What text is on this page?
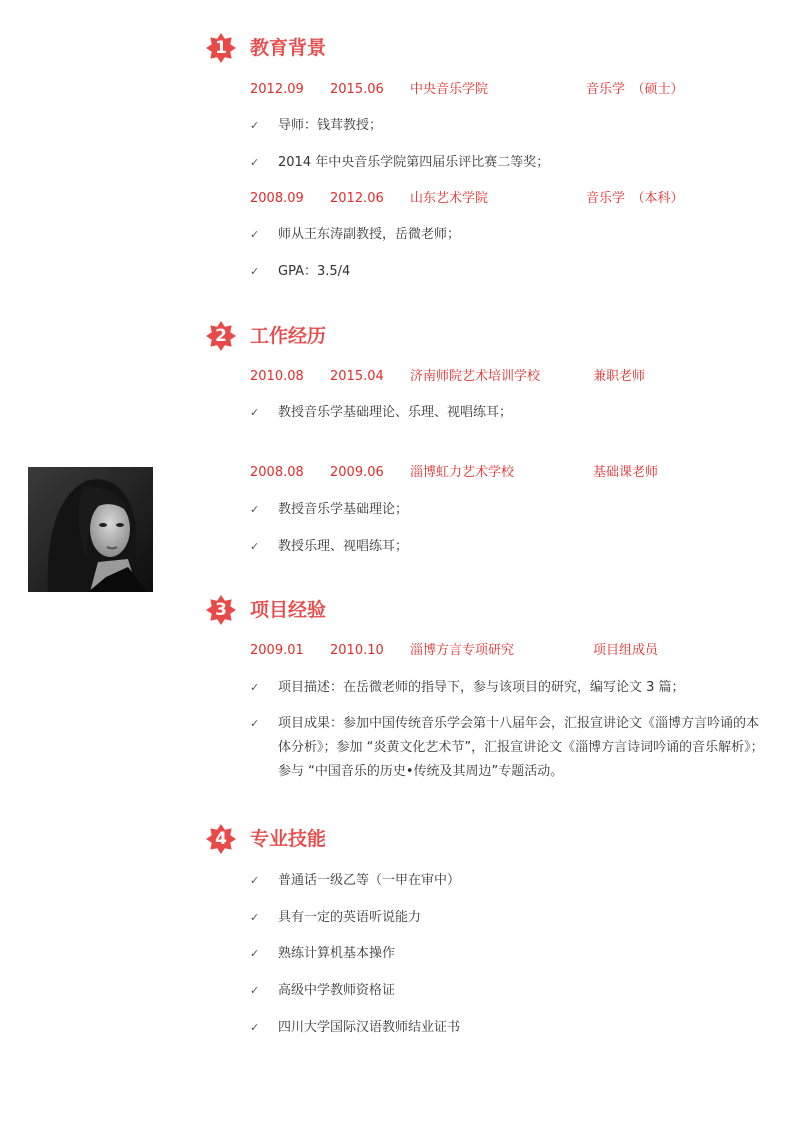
1	教育背景
2012.09 2015.06 中央音乐学院	音乐学　（硕士）
✓ 导师：钱茸教授；
✓ 2014 年中央音乐学院第四届乐评比赛二等奖；
2008.09 2012.06 山东艺术学院	音乐学　（本科）
✓ 师从王东涛副教授，岳微老师；
✓ GPA：3.5/4
2	工作经历
2010.08 2015.04 济南师院艺术培训学校	兼职老师
✓ 教授音乐学基础理论、乐理、视唱练耳；
2008.08 2009.06 淄博虹力艺术学校	基础课老师
✓ 教授音乐学基础理论；
✓ 教授乐理、视唱练耳；
3	项目经验
2009.01 2010.10 淄博方言专项研究	项目组成员
✓ 项目描述：在岳微老师的指导下，参与该项目的研究，编写论文 3 篇；
✓ 项目成果：参加中国传统音乐学会第十八届年会，汇报宣讲论文《淄博方言吟诵的本体分析》；参加 “炎黄文化艺术节”，汇报宣讲论文《淄博方言诗词吟诵的音乐解析》；参与 “中国音乐的历史•传统及其周边”专题活动。
4	专业技能
✓ 普通话一级乙等（一甲在审中）
✓ 具有一定的英语听说能力
✓ 熟练计算机基本操作
✓ 高级中学教师资格证
✓ 四川大学国际汉语教师结业证书
